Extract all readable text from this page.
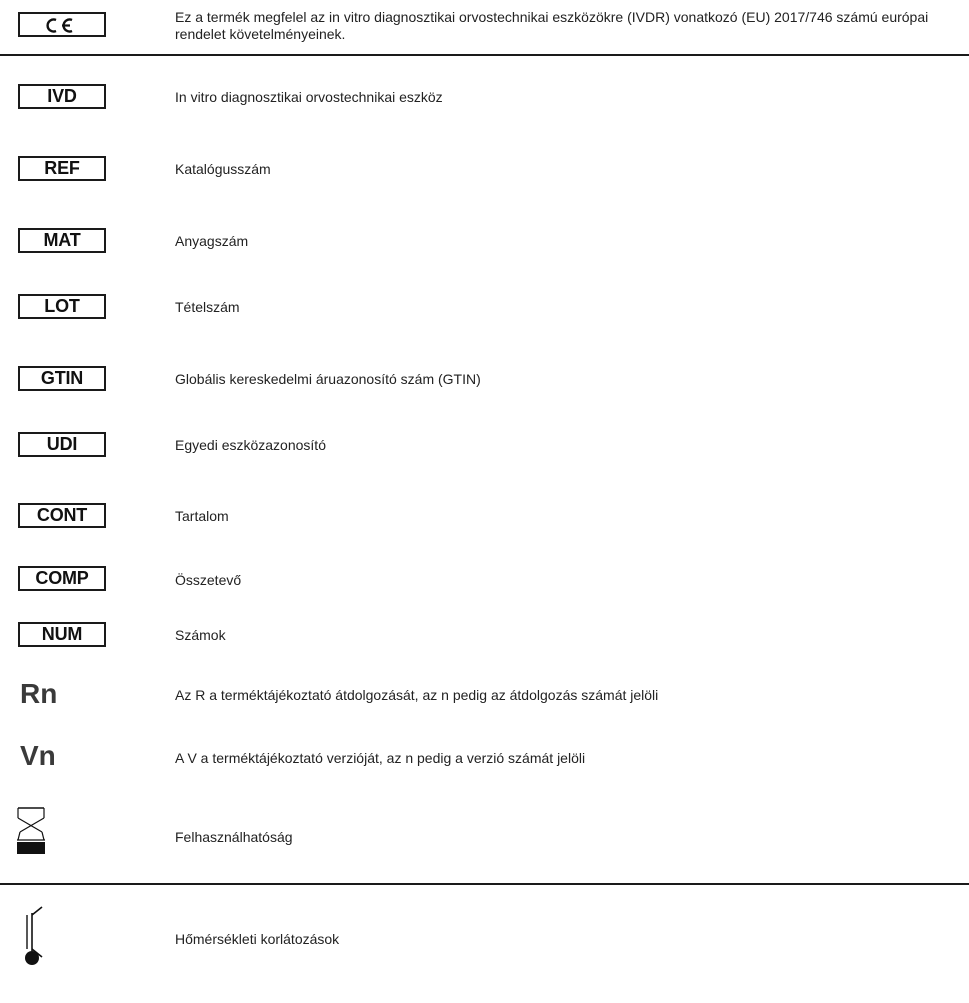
Ez a termék megfelel az in vitro diagnosztikai orvostechnikai eszközökre (IVDR) vonatkozó (EU) 2017/746 számú európai rendelet követelményeinek.
IVD	In vitro diagnosztikai orvostechnikai eszköz
REF	Katalógusszám
MAT	Anyagszám
LOT	Tételszám
GTIN	Globális kereskedelmi áruazonosító szám (GTIN)
UDI	Egyedi eszközazonosító
CONT	Tartalom
COMP	Összetevő
NUM	Számok
Rn	Az R a terméktájékoztató átdolgozását, az n pedig az átdolgozás számát jelöli
Vn	A V a terméktájékoztató verzióját, az n pedig a verzió számát jelöli
Felhasználhatóság
Hőmérsékleti korlátozások
